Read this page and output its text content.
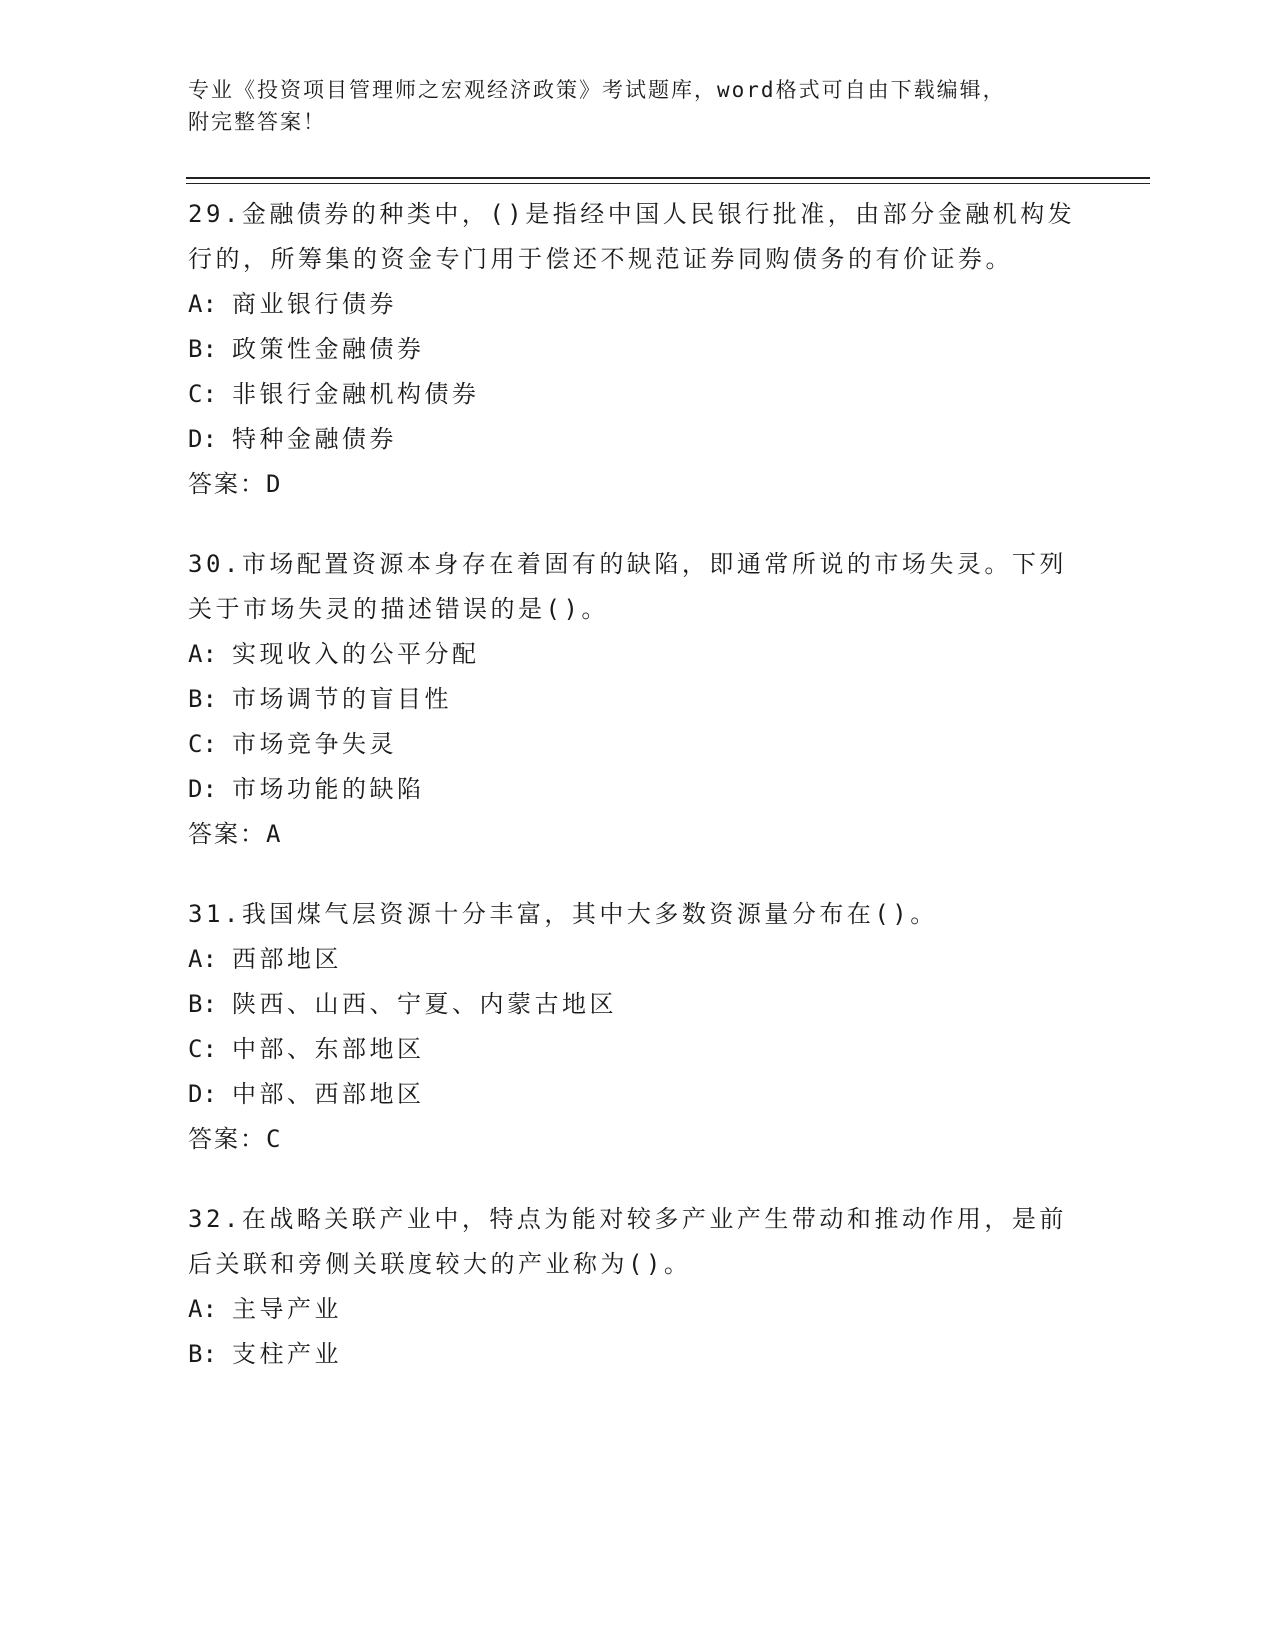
专业《投资项目管理师之宏观经济政策》考试题库，word格式可自由下载编辑，
附完整答案！
29.金融债券的种类中，()是指经中国人民银行批准，由部分金融机构发行的，所筹集的资金专门用于偿还不规范证券同购债务的有价证券。
A: 商业银行债券
B: 政策性金融债券
C: 非银行金融机构债券
D: 特种金融债券
答案：D
30.市场配置资源本身存在着固有的缺陷，即通常所说的市场失灵。下列关于市场失灵的描述错误的是()。
A: 实现收入的公平分配
B: 市场调节的盲目性
C: 市场竞争失灵
D: 市场功能的缺陷
答案：A
31.我国煤气层资源十分丰富，其中大多数资源量分布在()。
A: 西部地区
B: 陕西、山西、宁夏、内蒙古地区
C: 中部、东部地区
D: 中部、西部地区
答案：C
32.在战略关联产业中，特点为能对较多产业产生带动和推动作用，是前后关联和旁侧关联度较大的产业称为()。
A: 主导产业
B: 支柱产业
